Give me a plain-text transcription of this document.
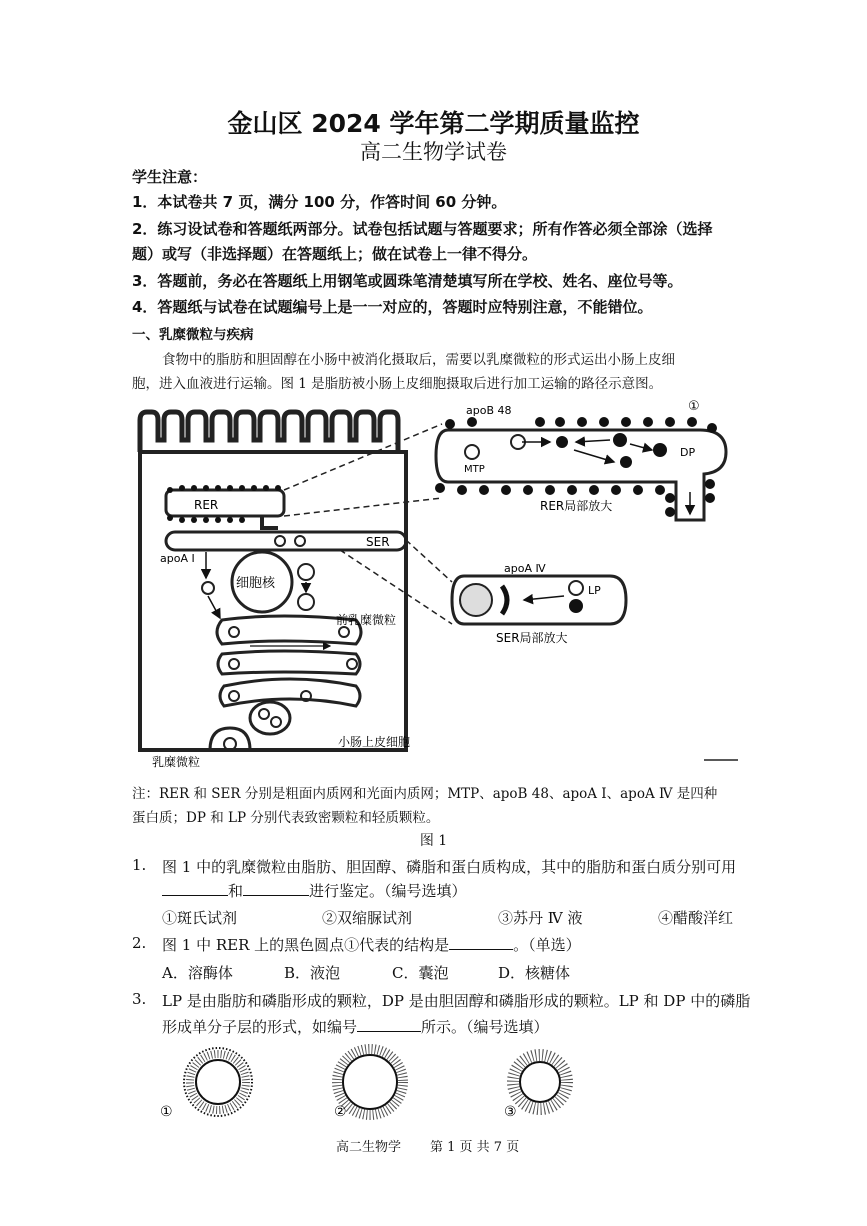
金山区 2024 学年第二学期质量监控
高二生物学试卷
学生注意：
1．本试卷共 7 页，满分 100 分，作答时间 60 分钟。
2．练习设试卷和答题纸两部分。试卷包括试题与答题要求；所有作答必须全部涂（选择
题）或写（非选择题）在答题纸上；做在试卷上一律不得分。
3．答题前，务必在答题纸上用钢笔或圆珠笔清楚填写所在学校、姓名、座位号等。
4．答题纸与试卷在试题编号上是一一对应的，答题时应特别注意，不能错位。
一、乳糜微粒与疾病
食物中的脂肪和胆固醇在小肠中被消化摄取后，需要以乳糜微粒的形式运出小肠上皮细
胞，进入血液进行运输。图 1 是脂肪被小肠上皮细胞摄取后进行加工运输的路径示意图。
RER
SER
apoA Ⅰ
细胞核
前乳糜微粒
小肠上皮细胞
乳糜微粒
apoB 48
MTP
DP
①
RER局部放大
apoA Ⅳ
LP
SER局部放大
注：RER 和 SER 分别是粗面内质网和光面内质网；MTP、apoB 48、apoA Ⅰ、apoA Ⅳ 是四种
蛋白质；DP 和 LP 分别代表致密颗粒和轻质颗粒。
图 1
1. 图 1 中的乳糜微粒由脂肪、胆固醇、磷脂和蛋白质构成，其中的脂肪和蛋白质分别可用
和	进行鉴定。（编号选填）
①斑氏试剂	②双缩脲试剂	③苏丹 Ⅳ 液	④醋酸洋红
2. 图 1 中 RER 上的黑色圆点①代表的结构是	。（单选）
A．溶酶体	B．液泡	C．囊泡	D．核糖体
3. LP 是由脂肪和磷脂形成的颗粒，DP 是由胆固醇和磷脂形成的颗粒。LP 和 DP 中的磷脂
形成单分子层的形式，如编号	所示。（编号选填）
①	②	③
高二生物学 第 1 页 共 7 页
